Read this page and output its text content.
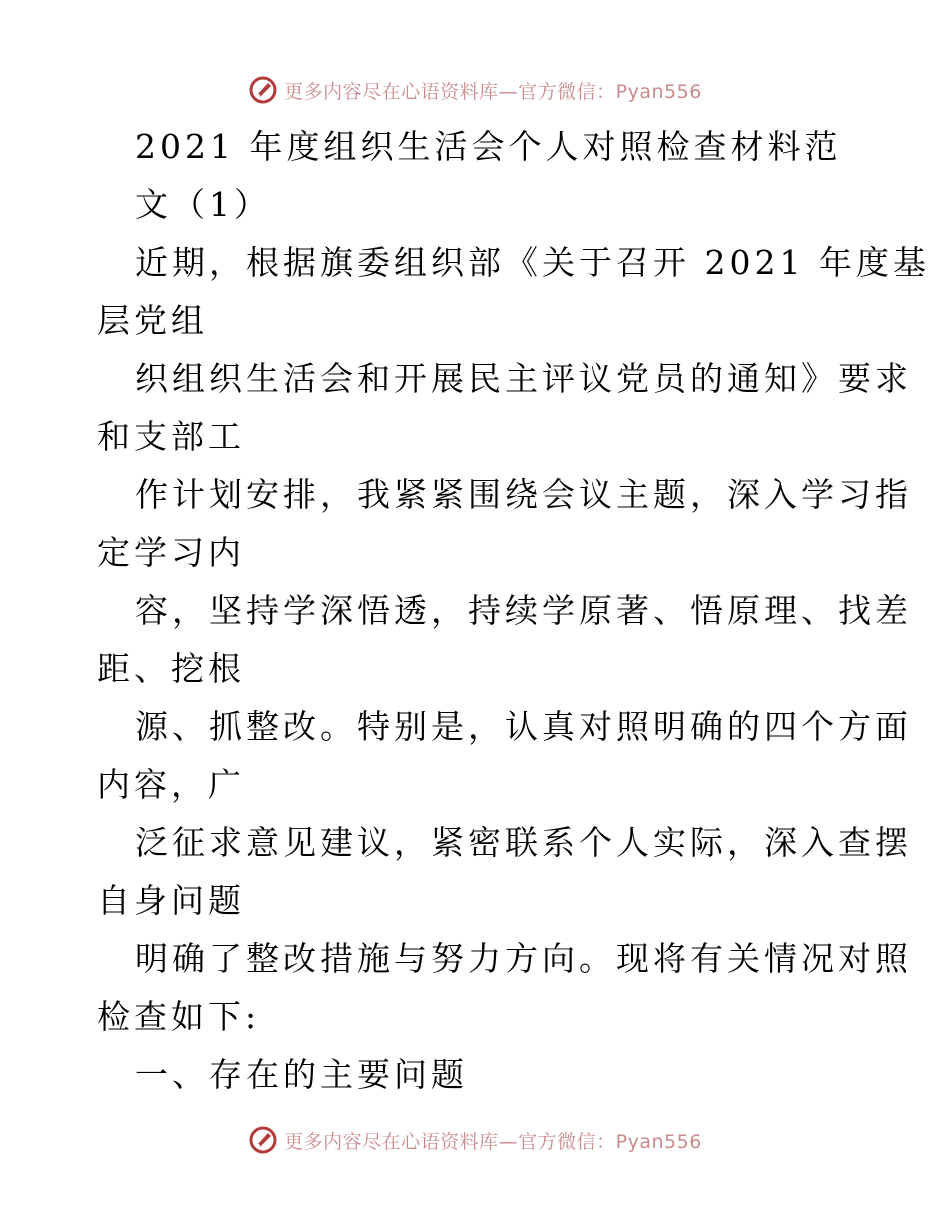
更多内容尽在心语资料库—官方微信：Pyan556
2021 年度组织生活会个人对照检查材料范
文（1）
近期，根据旗委组织部《关于召开 2021 年度基
层党组
织组织生活会和开展民主评议党员的通知》要求
和支部工
作计划安排，我紧紧围绕会议主题，深入学习指
定学习内
容，坚持学深悟透，持续学原著、悟原理、找差
距、挖根
源、抓整改。特别是，认真对照明确的四个方面
内容，广
泛征求意见建议，紧密联系个人实际，深入查摆
自身问题
明确了整改措施与努力方向。现将有关情况对照
检查如下:
一、存在的主要问题
更多内容尽在心语资料库—官方微信：Pyan556
